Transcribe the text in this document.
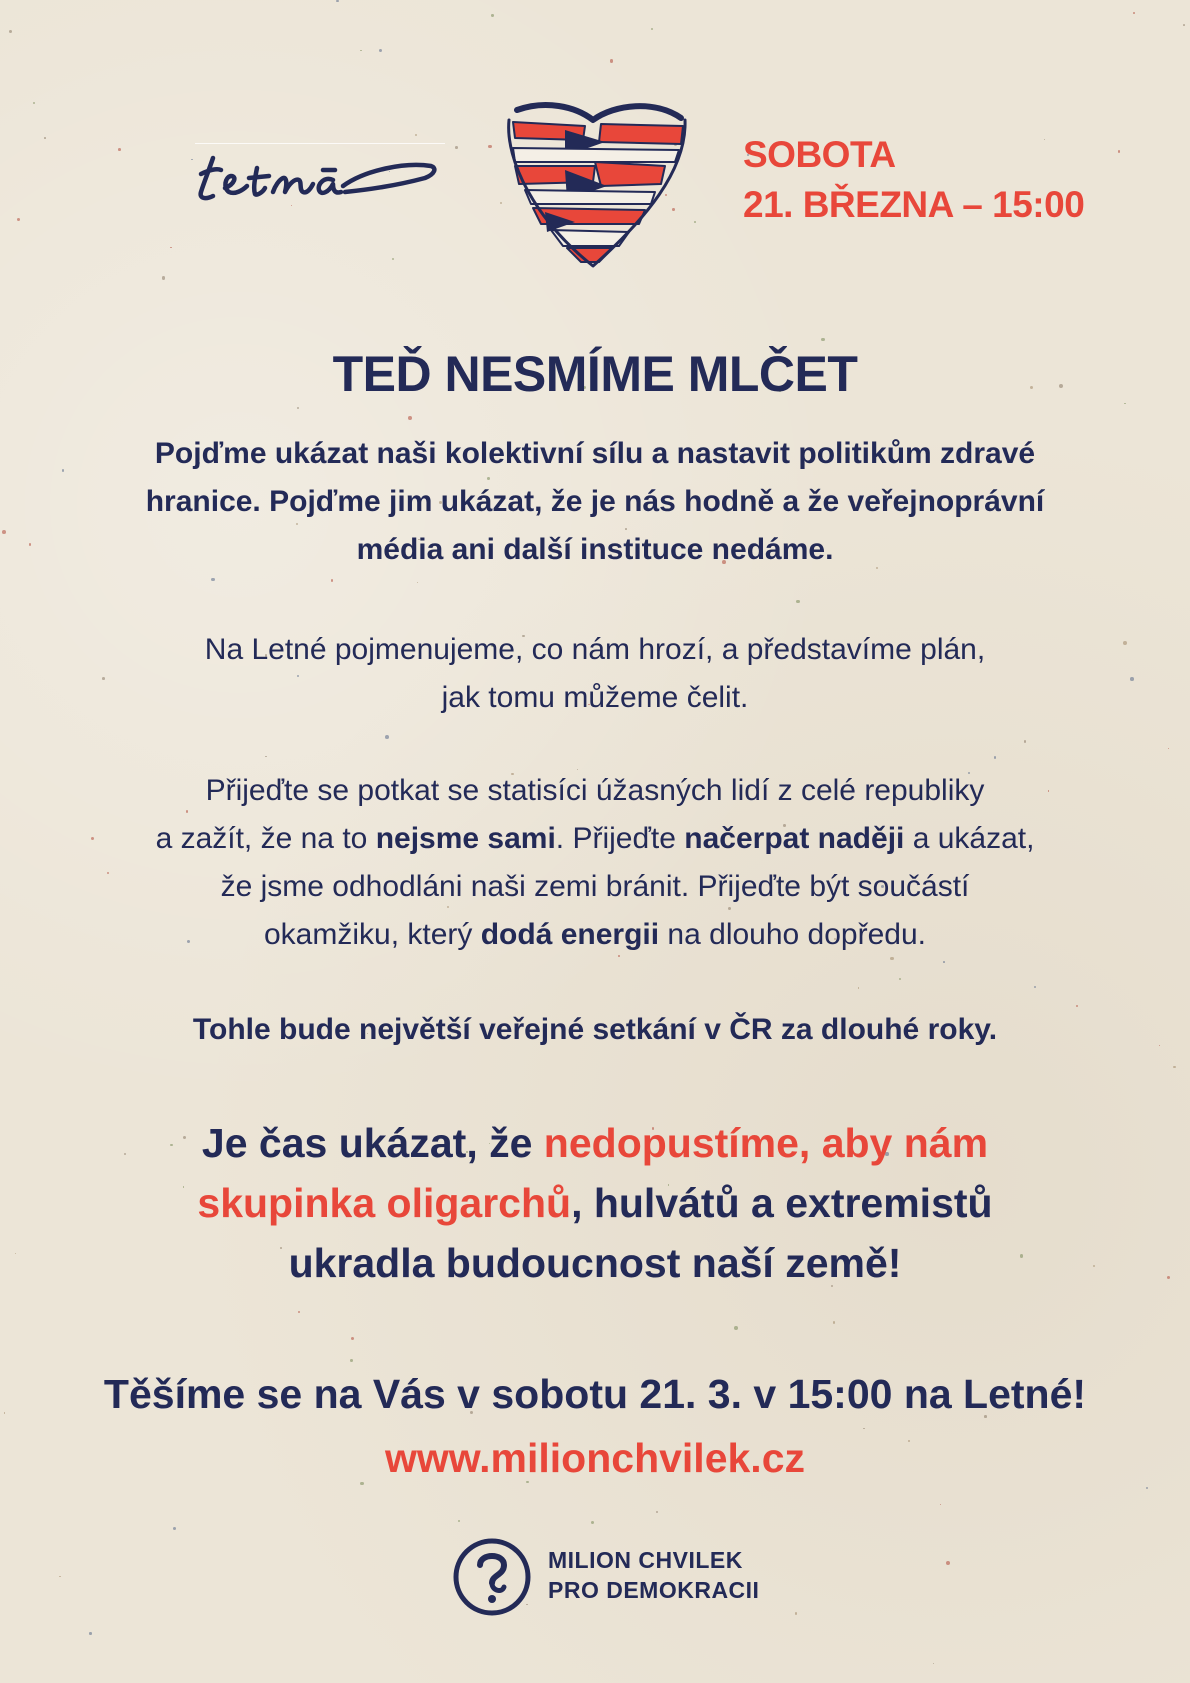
SOBOTA
21. BŘEZNA – 15:00
TEĎ NESMÍME MLČET
Pojďme ukázat naši kolektivní sílu a nastavit politikům zdravé
hranice. Pojďme jim ukázat, že je nás hodně a že veřejnoprávní
média ani další instituce nedáme.
Na Letné pojmenujeme, co nám hrozí, a představíme plán,
jak tomu můžeme čelit.
Přijeďte se potkat se statisíci úžasných lidí z celé republiky
a zažít, že na to nejsme sami. Přijeďte načerpat naději a ukázat,
že jsme odhodláni naši zemi bránit. Přijeďte být součástí
okamžiku, který dodá energii na dlouho dopředu.
Tohle bude největší veřejné setkání v ČR za dlouhé roky.
Je čas ukázat, že nedopustíme, aby nám
skupinka oligarchů, hulvátů a extremistů
ukradla budoucnost naší země!
Těšíme se na Vás v sobotu 21. 3. v 15:00 na Letné!
www.milionchvilek.cz
MILION CHVILEK
PRO DEMOKRACII
